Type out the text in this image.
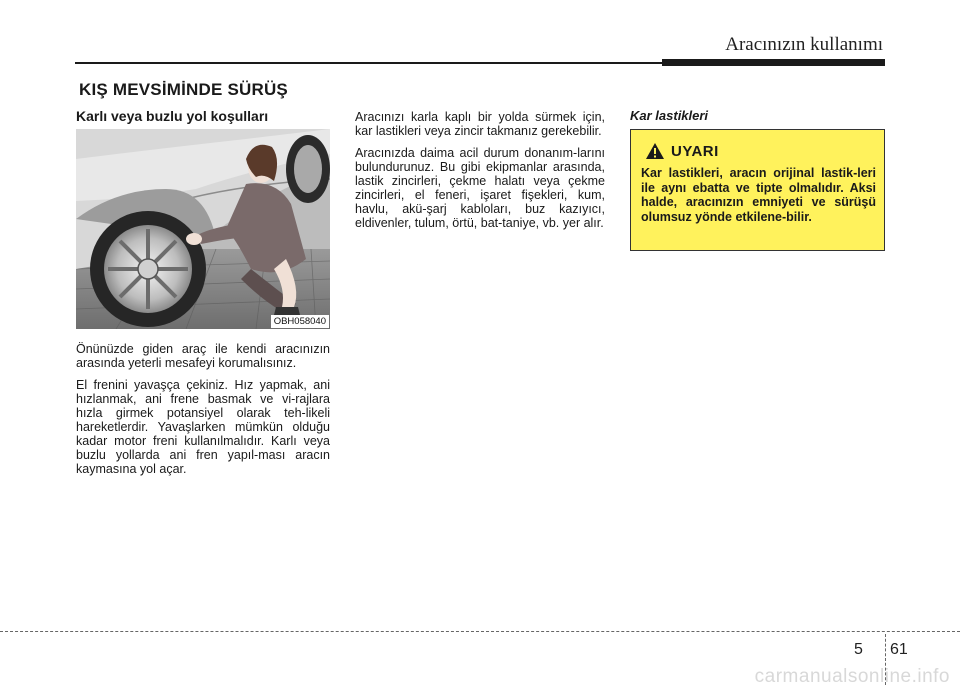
Aracınızın kullanımı
KIŞ MEVSİMİNDE SÜRÜŞ
Karlı veya buzlu yol koşulları
OBH058040

Önünüzde giden araç ile kendi aracınızın arasında yeterli mesafeyi korumalısınız.

El frenini yavaşça çekiniz. Hız yapmak, ani hızlanmak, ani frene basmak ve vi-rajlara hızla girmek potansiyel olarak teh-likeli hareketlerdir. Yavaşlarken mümkün olduğu kadar motor freni kullanılmalıdır. Karlı veya buzlu yollarda ani fren yapıl-ması aracın kaymasına yol açar.

Aracınızı karla kaplı bir yolda sürmek için, kar lastikleri veya zincir takmanız gerekebilir.

Aracınızda daima acil durum donanım-larını bulundurunuz. Bu gibi ekipmanlar arasında, lastik zincirleri, çekme halatı veya çekme zincirleri, el feneri, işaret fişekleri, kum, havlu, akü-şarj kabloları, buz kazıyıcı, eldivenler, tulum, örtü, bat-taniye, vb. yer alır.

Kar lastikleri
UYARI

Kar lastikleri, aracın orijinal lastik-leri ile aynı ebatta ve tipte olmalıdır. Aksi halde, aracınızın emniyeti ve sürüşü olumsuz yönde etkilene-bilir.

5 61
carmanualsonline.info
